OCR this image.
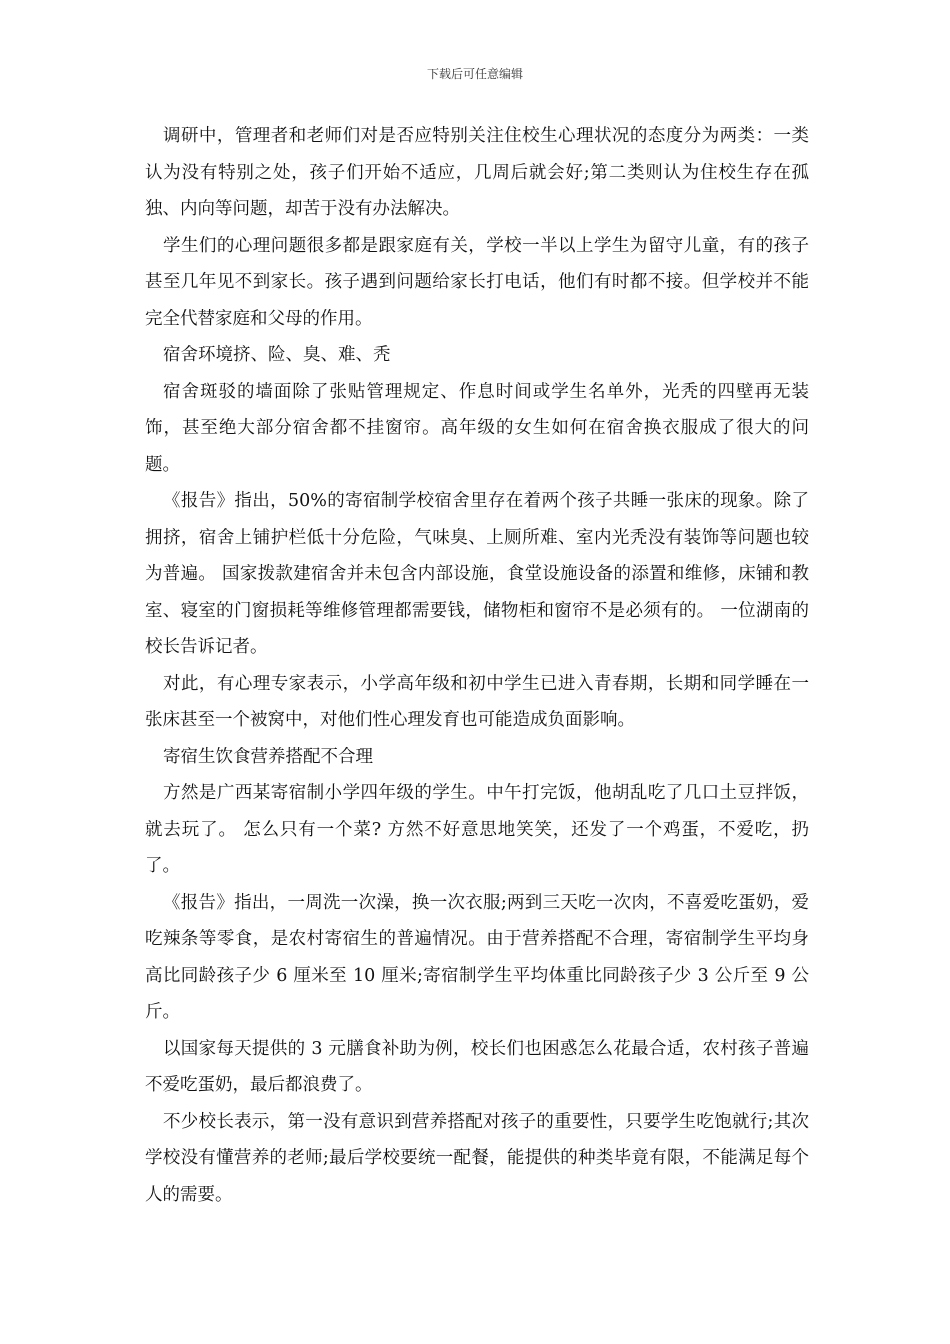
下载后可任意编辑

调研中，管理者和老师们对是否应特别关注住校生心理状况的态度分为两类：一类认为没有特别之处，孩子们开始不适应，几周后就会好;第二类则认为住校生存在孤独、内向等问题，却苦于没有办法解决。

学生们的心理问题很多都是跟家庭有关，学校一半以上学生为留守儿童，有的孩子甚至几年见不到家长。孩子遇到问题给家长打电话，他们有时都不接。但学校并不能完全代替家庭和父母的作用。

宿舍环境挤、险、臭、难、秃

宿舍斑驳的墙面除了张贴管理规定、作息时间或学生名单外，光秃的四壁再无装饰，甚至绝大部分宿舍都不挂窗帘。高年级的女生如何在宿舍换衣服成了很大的问题。

《报告》指出，50%的寄宿制学校宿舍里存在着两个孩子共睡一张床的现象。除了拥挤，宿舍上铺护栏低十分危险，气味臭、上厕所难、室内光秃没有装饰等问题也较为普遍。 国家拨款建宿舍并未包含内部设施，食堂设施设备的添置和维修，床铺和教室、寝室的门窗损耗等维修管理都需要钱，储物柜和窗帘不是必须有的。 一位湖南的校长告诉记者。

对此，有心理专家表示，小学高年级和初中学生已进入青春期，长期和同学睡在一张床甚至一个被窝中，对他们性心理发育也可能造成负面影响。

寄宿生饮食营养搭配不合理

方然是广西某寄宿制小学四年级的学生。中午打完饭，他胡乱吃了几口土豆拌饭，就去玩了。 怎么只有一个菜? 方然不好意思地笑笑，还发了一个鸡蛋，不爱吃，扔了。

《报告》指出，一周洗一次澡，换一次衣服;两到三天吃一次肉，不喜爱吃蛋奶，爱吃辣条等零食，是农村寄宿生的普遍情况。由于营养搭配不合理，寄宿制学生平均身高比同龄孩子少 6 厘米至 10 厘米;寄宿制学生平均体重比同龄孩子少 3 公斤至 9 公斤。

以国家每天提供的 3 元膳食补助为例，校长们也困惑怎么花最合适，农村孩子普遍不爱吃蛋奶，最后都浪费了。

不少校长表示，第一没有意识到营养搭配对孩子的重要性，只要学生吃饱就行;其次学校没有懂营养的老师;最后学校要统一配餐，能提供的种类毕竟有限，不能满足每个人的需要。
